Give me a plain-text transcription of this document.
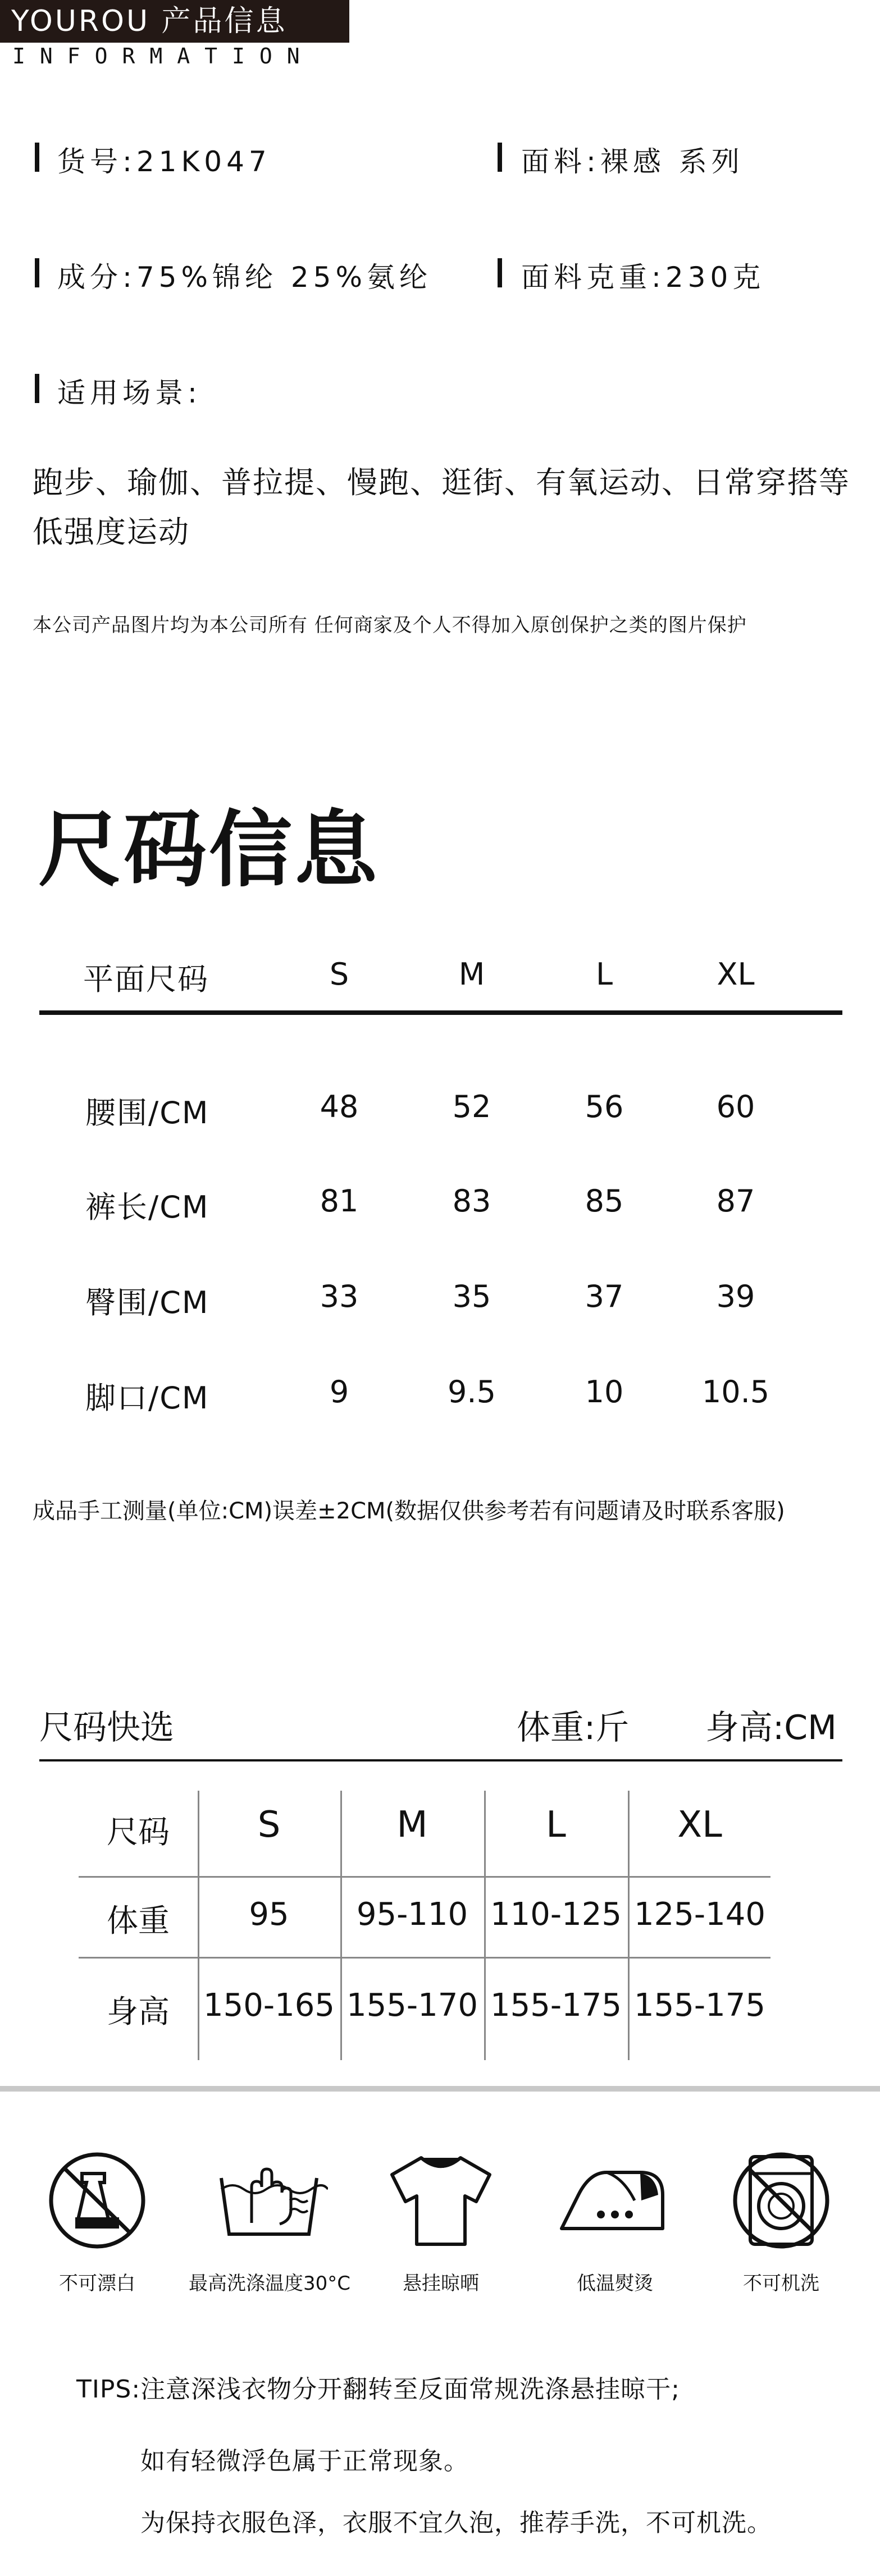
YOUROU 产品信息
INFORMATION
货号:21K047	面料:裸感 系列
成分:75%锦纶 25%氨纶	面料克重:230克
适用场景:
跑步、瑜伽、普拉提、慢跑、逛街、有氧运动、日常穿搭等低强度运动
本公司产品图片均为本公司所有 任何商家及个人不得加入原创保护之类的图片保护
尺码信息
平面尺码	S	M	L	XL
腰围/CM	48	52	56	60
裤长/CM	81	83	85	87
臀围/CM	33	35	37	39
脚口/CM	9	9.5	10	10.5
成品手工测量(单位:CM)误差±2CM(数据仅供参考若有问题请及时联系客服)
尺码快选	体重:斤 身高:CM
尺码	S	M	L	XL
体重	95	95-110 110-125 125-140
身高	150-165 155-170 155-175 155-175
不可漂白	最高洗涤温度30°C	悬挂晾晒	低温熨烫	不可机洗
TIPS:注意深浅衣物分开翻转至反面常规洗涤悬挂晾干;
如有轻微浮色属于正常现象。
为保持衣服色泽，衣服不宜久泡，推荐手洗，不可机洗。
